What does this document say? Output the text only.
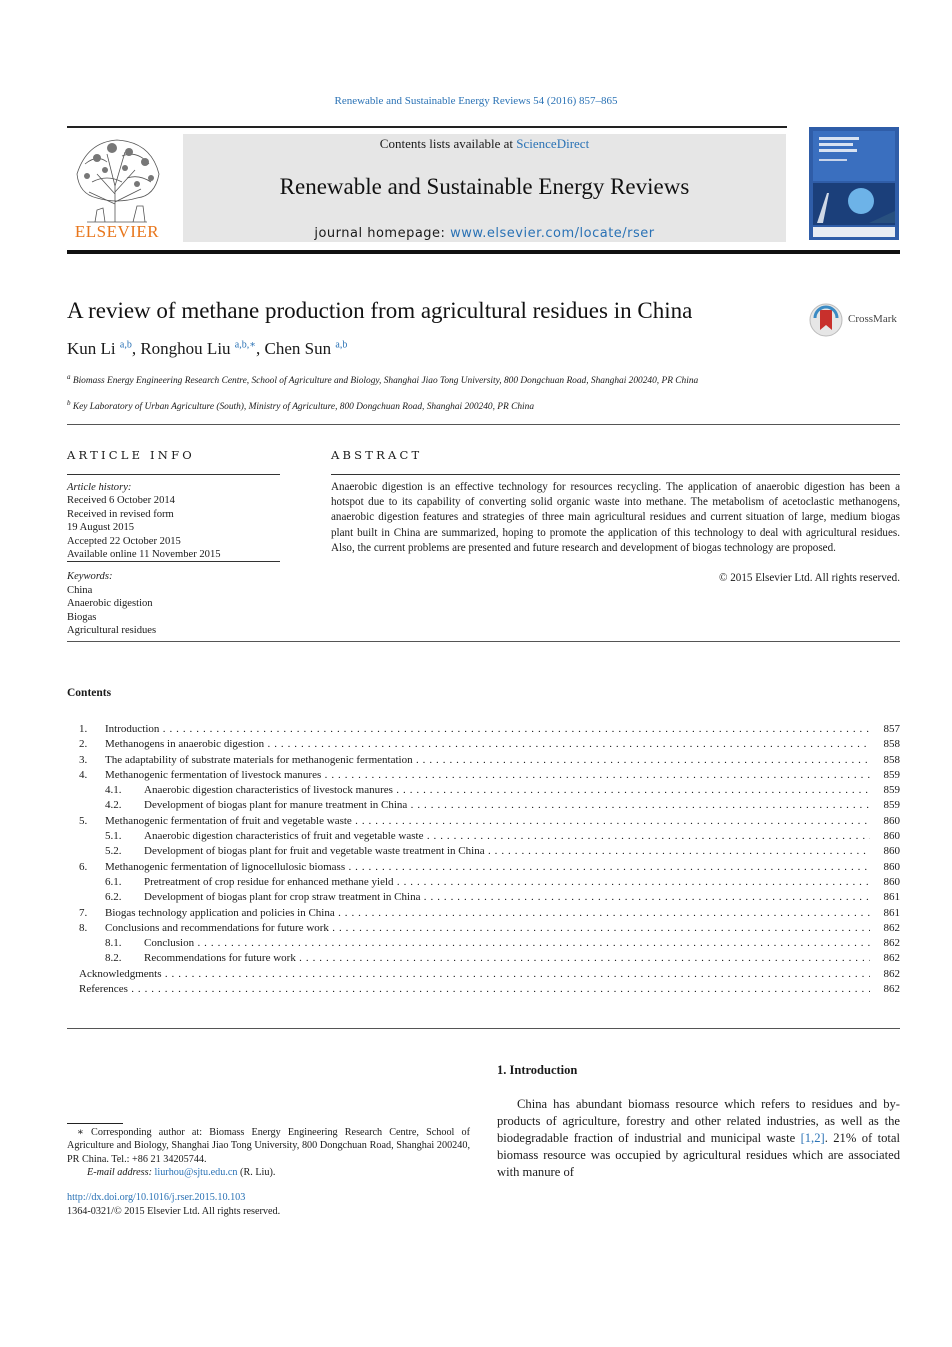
Renewable and Sustainable Energy Reviews 54 (2016) 857–865
ELSEVIER
Contents lists available at ScienceDirect
Renewable and Sustainable Energy Reviews
journal homepage: www.elsevier.com/locate/rser
A review of methane production from agricultural residues in China	CrossMark
Kun Li $^{a,b}$, Ronghou Liu $^{a,b,∗}$, Chen Sun $^{a,b}$
$^a$ Biomass Energy Engineering Research Centre, School of Agriculture and Biology, Shanghai Jiao Tong University, 800 Dongchuan Road, Shanghai 200240, PR China
$^b$ Key Laboratory of Urban Agriculture (South), Ministry of Agriculture, 800 Dongchuan Road, Shanghai 200240, PR China
ARTICLE INFO
Article history:
Received 6 October 2014
Received in revised form
19 August 2015
Accepted 22 October 2015
Available online 11 November 2015
Keywords:
China
Anaerobic digestion
Biogas
Agricultural residues
ABSTRACT
Anaerobic digestion is an effective technology for resources recycling. The application of anaerobic digestion has been a hotspot due to its capability of converting solid organic waste into methane. The metabolism of acetoclastic methanogens, anaerobic digestion features and strategies of three main agricultural residues and current situation of large, medium biogas plant built in China are summarized, hoping to promote the application of this technology to deal with agricultural residues. Also, the current problems are presented and future research and development of biogas technology are proposed.
© 2015 Elsevier Ltd. All rights reserved.
Contents
1. Introduction . . .	857
2. Methanogens in anaerobic digestion . . .	858
3. The adaptability of substrate materials for methanogenic fermentation . . .	858
4. Methanogenic fermentation of livestock manures . . .	859
4.1. Anaerobic digestion characteristics of livestock manures . . .	859
4.2. Development of biogas plant for manure treatment in China . . .	859
5. Methanogenic fermentation of fruit and vegetable waste . . .	860
5.1. Anaerobic digestion characteristics of fruit and vegetable waste . . .	860
5.2. Development of biogas plant for fruit and vegetable waste treatment in China . . .	860
6. Methanogenic fermentation of lignocellulosic biomass . . .	860
6.1. Pretreatment of crop residue for enhanced methane yield . . .	860
6.2. Development of biogas plant for crop straw treatment in China . . .	861
7. Biogas technology application and policies in China . . .	861
8. Conclusions and recommendations for future work . . .	862
8.1. Conclusion . . .	862
8.2. Recommendations for future work . . .	862
Acknowledgments . . .	862
References . . .	862
1. Introduction
China has abundant biomass resource which refers to residues and by-products of agriculture, forestry and other related industries, as well as the biodegradable fraction of industrial and municipal waste [1,2]. 21% of total biomass resource was occupied by agricultural residues which are associated with manure of
∗ Corresponding author at: Biomass Energy Engineering Research Centre, School of Agriculture and Biology, Shanghai Jiao Tong University, 800 Dongchuan Road, Shanghai 200240, PR China. Tel.: +86 21 34205744.
E-mail address: liurhou@sjtu.edu.cn (R. Liu).
http://dx.doi.org/10.1016/j.rser.2015.10.103
1364-0321/© 2015 Elsevier Ltd. All rights reserved.
